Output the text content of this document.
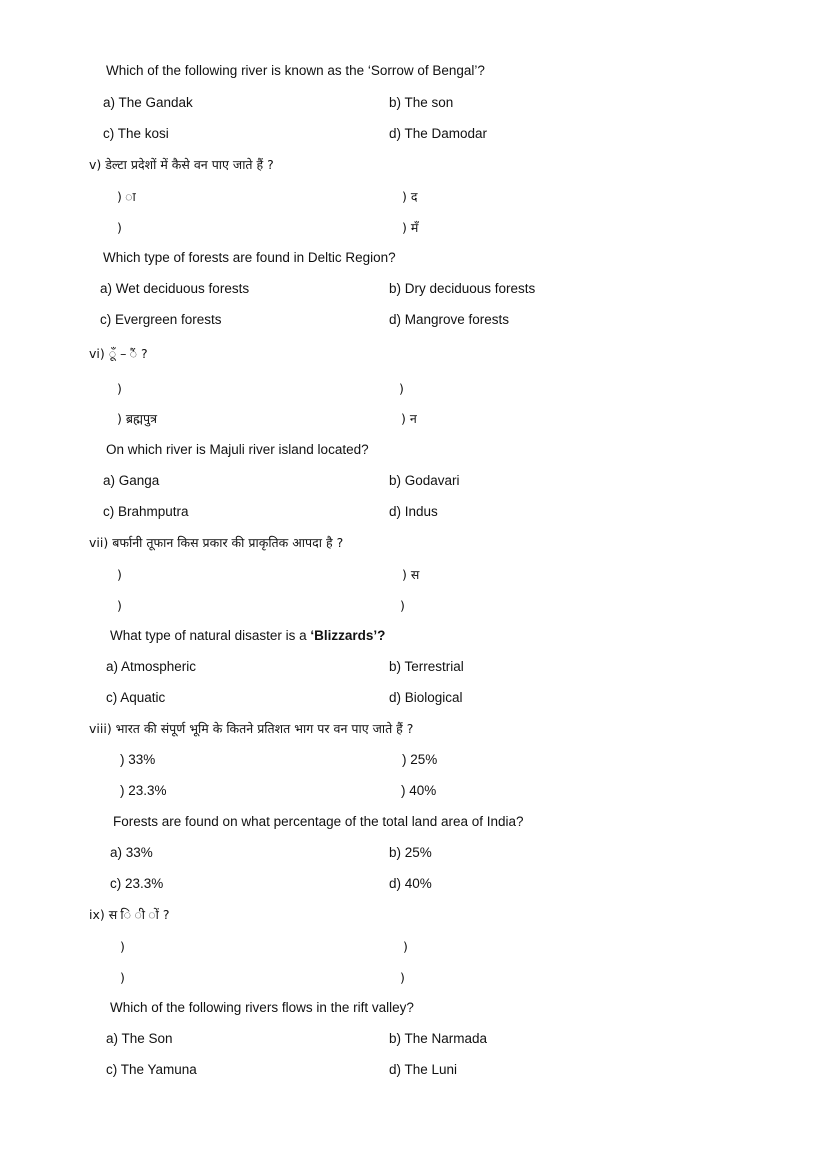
Which of the following river is known as the ‘Sorrow of Bengal’?
a) The Gandak	b) The son
c) The kosi	d) The Damodar
v) डेल्टा प्रदेशों में कैसे वन पाए जाते हैं ?
) ा	) द
)	) मँ
Which type of forests are found in Deltic Region?
a) Wet deciduous forests	b) Dry deciduous forests
c) Evergreen forests	d) Mangrove forests
vi) ूँ – ैं ?
)	)
) ब्रह्मपुत्र	) न
On which river is Majuli river island located?
a) Ganga	b) Godavari
c) Brahmputra	d) Indus
vii) बर्फानी तूफान किस प्रकार की प्राकृतिक आपदा है ?
)	) स
)	)
What type of natural disaster is a ‘Blizzards’?
a) Atmospheric	b) Terrestrial
c) Aquatic	d) Biological
viii) भारत की संपूर्ण भूमि के कितने प्रतिशत भाग पर वन पाए जाते हैं ?
) 33%	) 25%
) 23.3%	) 40%
Forests are found on what percentage of the total land area of India?
a) 33%	b) 25%
c) 23.3%	d) 40%
ix) स ि ी ों ?
)	)
)	)
Which of the following rivers flows in the rift valley?
a) The Son	b) The Narmada
c) The Yamuna	d) The Luni
